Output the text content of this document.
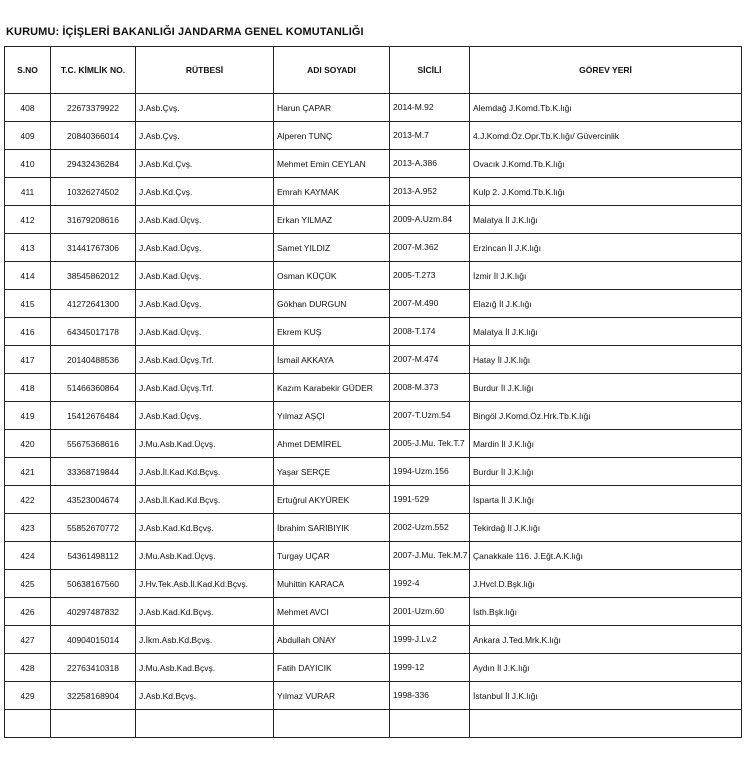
KURUMU: İÇİŞLERİ BAKANLIĞI JANDARMA GENEL KOMUTANLIĞI
S.NO	T.C. KİMLİK NO.	RÜTBESİ	ADI SOYADI	SİCİLİ	GÖREV YERİ
408	22673379922	J.Asb.Çvş.	Harun ÇAPAR	2014-M.92	Alemdağ J.Komd.Tb.K.lığı
409	20840366014	J.Asb.Çvş.	Alperen TUNÇ	2013-M.7	4.J.Komd.Öz.Opr.Tb.K.lığı/ Güvercinlik
410	29432436284	J.Asb.Kd.Çvş.	Mehmet Emin CEYLAN	2013-A.386	Ovacık J.Komd.Tb.K.lığı
411	10326274502	J.Asb.Kd.Çvş.	Emrah KAYMAK	2013-A.952	Kulp 2. J.Komd.Tb.K.lığı
412	31679208616	J.Asb.Kad.Üçvş.	Erkan YILMAZ	2009-A.Uzm.84	Malatya İl J.K.lığı
413	31441767306	J.Asb.Kad.Üçvş.	Samet YILDIZ	2007-M.362	Erzincan İl J.K.lığı
414	38545862012	J.Asb.Kad.Üçvş.	Osman KÜÇÜK	2005-T.273	İzmir İl J.K.lığı
415	41272641300	J.Asb.Kad.Üçvş.	Gökhan DURGUN	2007-M.490	Elazığ İl J.K.lığı
416	64345017178	J.Asb.Kad.Üçvş.	Ekrem KUŞ	2008-T.174	Malatya İl J.K.lığı
417	20140488536	J.Asb.Kad.Üçvş.Trf.	İsmail AKKAYA	2007-M.474	Hatay İl J.K.lığı
418	51466360864	J.Asb.Kad.Üçvş.Trf.	Kazım Karabekir GÜDER	2008-M.373	Burdur İl J.K.lığı
419	15412676484	J.Asb.Kad.Üçvş.	Yılmaz AŞÇI	2007-T.Uzm.54	Bingöl J.Komd.Öz.Hrk.Tb.K.lığı
420	55675368616	J.Mu.Asb.Kad.Üçvş.	Ahmet DEMİREL	2005-J.Mu. Tek.T.7	Mardin İl J.K.lığı
421	33368719844	J.Asb.İl.Kad.Kd.Bçvş.	Yaşar SERÇE	1994-Uzm.156	Burdur İl J.K.lığı
422	43523004674	J.Asb.İl.Kad.Kd.Bçvş.	Ertuğrul AKYÜREK	1991-529	Isparta İl J.K.lığı
423	55852670772	J.Asb.Kad.Kd.Bçvş.	İbrahim SARIBIYIK	2002-Uzm.552	Tekirdağ İl J.K.lığı
424	54361498112	J.Mu.Asb.Kad.Üçvş.	Turgay UÇAR	2007-J.Mu. Tek.M.7	Çanakkale 116. J.Eğt.A.K.lığı
425	50638167560	J.Hv.Tek.Asb.İl.Kad.Kd.Bçvş.	Muhittin KARACA	1992-4	J.Hvcl.D.Bşk.lığı
426	40297487832	J.Asb.Kad.Kd.Bçvş.	Mehmet AVCI	2001-Uzm.60	İsth.Bşk.lığı
427	40904015014	J.İkm.Asb.Kd.Bçvş.	Abdullah ONAY	1999-J.Lv.2	Ankara J.Ted.Mrk.K.lığı
428	22763410318	J.Mu.Asb.Kad.Bçvş.	Fatih DAYICIK	1999-12	Aydın İl J.K.lığı
429	32258168904	J.Asb.Kd.Bçvş.	Yılmaz VURAR	1998-336	İstanbul İl J.K.lığı
